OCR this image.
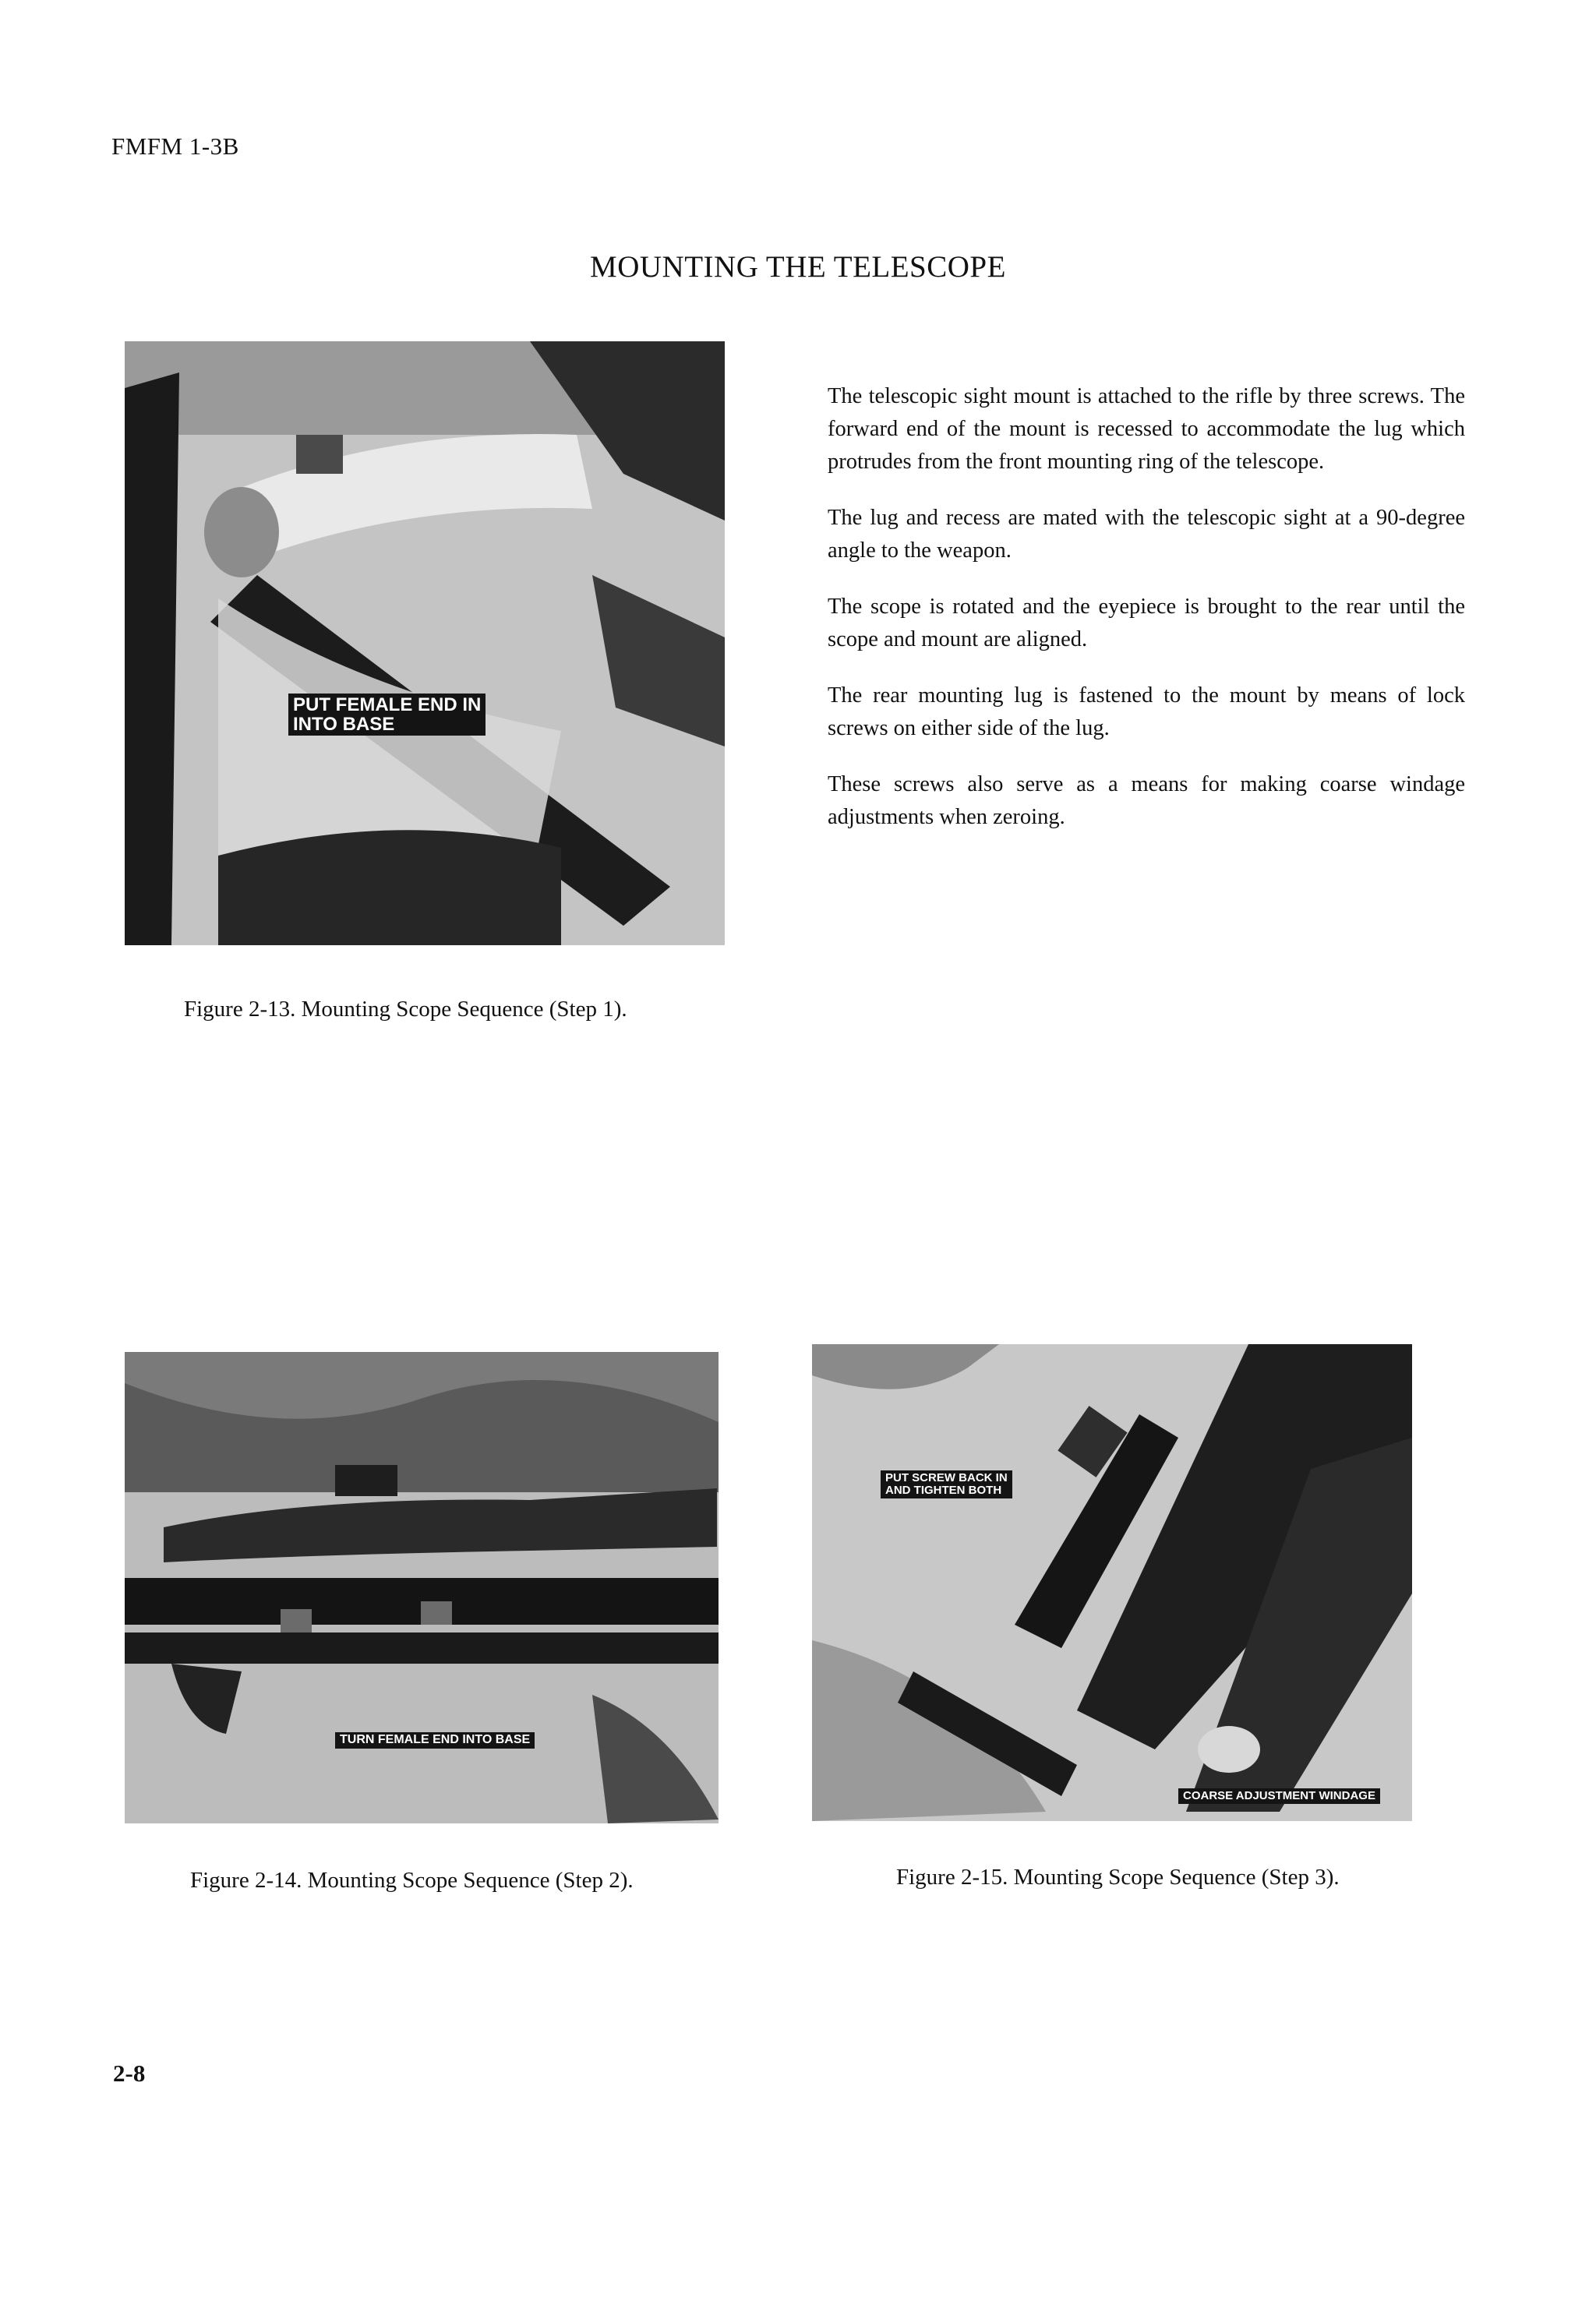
FMFM 1-3B
MOUNTING THE TELESCOPE
PUT FEMALE END IN
INTO BASE

The telescopic sight mount is attached to the rifle by three screws. The forward end of the mount is recessed to accommodate the lug which protrudes from the front mounting ring of the telescope.

The lug and recess are mated with the telescopic sight at a 90-degree angle to the weapon.

The scope is rotated and the eyepiece is brought to the rear until the scope and mount are aligned.

The rear mounting lug is fastened to the mount by means of lock screws on either side of the lug.

These screws also serve as a means for making coarse windage adjustments when zeroing.

Figure 2-13. Mounting Scope Sequence (Step 1).
TURN FEMALE END INTO BASE
PUT SCREW BACK IN
AND TIGHTEN BOTH
COARSE ADJUSTMENT WINDAGE
Figure 2-14. Mounting Scope Sequence (Step 2).	Figure 2-15. Mounting Scope Sequence (Step 3).
2-8
